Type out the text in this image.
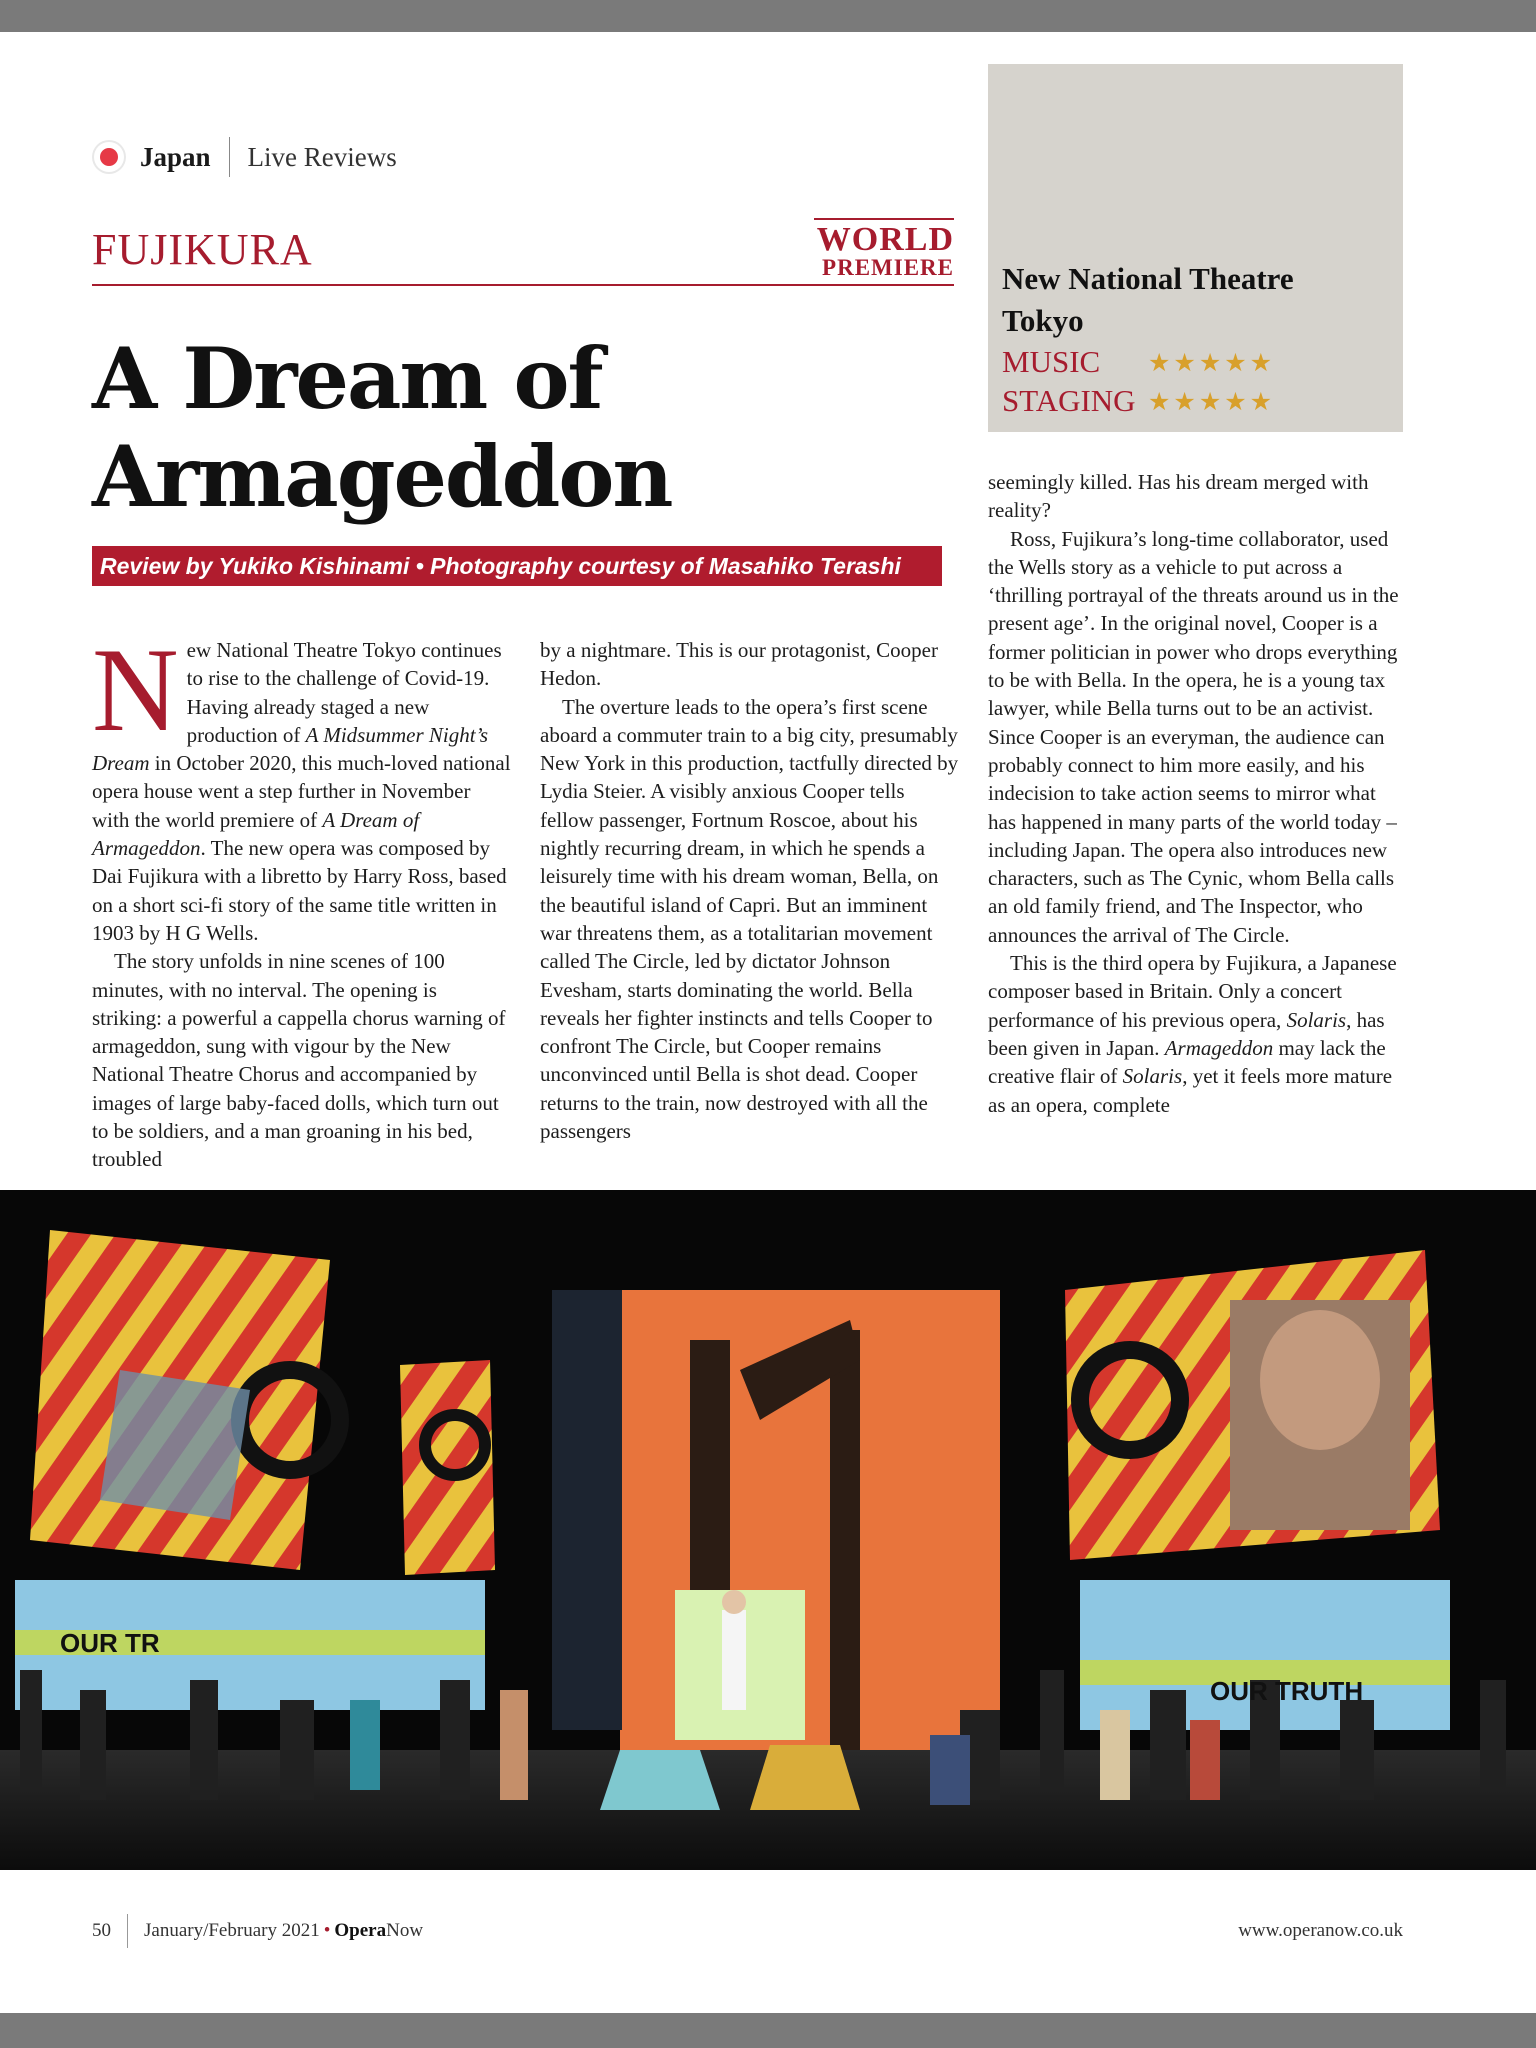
Japan Live Reviews
FUJIKURA	WORLD
PREMIERE
A Dream of
Armageddon
Review by Yukiko Kishinami • Photography courtesy of Masahiko Terashi
New National Theatre Tokyo
MUSIC	★★★★★
STAGING ★★★★★
N ew National Theatre Tokyo continues to rise to the challenge of Covid-19. Having already staged a new production of A Midsummer Night’s Dream in October 2020, this much-loved national opera house went a step further in November with the world premiere of A Dream of Armageddon. The new opera was composed by Dai Fujikura with a libretto by Harry Ross, based on a short sci-fi story of the same title written in 1903 by H G Wells.

The story unfolds in nine scenes of 100 minutes, with no interval. The opening is striking: a powerful a cappella chorus warning of armageddon, sung with vigour by the New National Theatre Chorus and accompanied by images of large baby-faced dolls, which turn out to be soldiers, and a man groaning in his bed, troubled

by a nightmare. This is our protagonist, Cooper Hedon.

The overture leads to the opera’s first scene aboard a commuter train to a big city, presumably New York in this production, tactfully directed by Lydia Steier. A visibly anxious Cooper tells fellow passenger, Fortnum Roscoe, about his nightly recurring dream, in which he spends a leisurely time with his dream woman, Bella, on the beautiful island of Capri. But an imminent war threatens them, as a totalitarian movement called The Circle, led by dictator Johnson Evesham, starts dominating the world. Bella reveals her fighter instincts and tells Cooper to confront The Circle, but Cooper remains unconvinced until Bella is shot dead. Cooper returns to the train, now destroyed with all the passengers

seemingly killed. Has his dream merged with reality?

Ross, Fujikura’s long-time collaborator, used the Wells story as a vehicle to put across a ‘thrilling portrayal of the threats around us in the present age’. In the original novel, Cooper is a former politician in power who drops everything to be with Bella. In the opera, he is a young tax lawyer, while Bella turns out to be an activist. Since Cooper is an everyman, the audience can probably connect to him more easily, and his indecision to take action seems to mirror what has happened in many parts of the world today – including Japan. The opera also introduces new characters, such as The Cynic, whom Bella calls an old family friend, and The Inspector, who announces the arrival of The Circle.

This is the third opera by Fujikura, a Japanese composer based in Britain. Only a concert performance of his previous opera, Solaris, has been given in Japan. Armageddon may lack the creative flair of Solaris, yet it feels more mature as an opera, complete

OUR TR
OUR TRUTH
50 January/February 2021 • OperaNow	www.operanow.co.uk
